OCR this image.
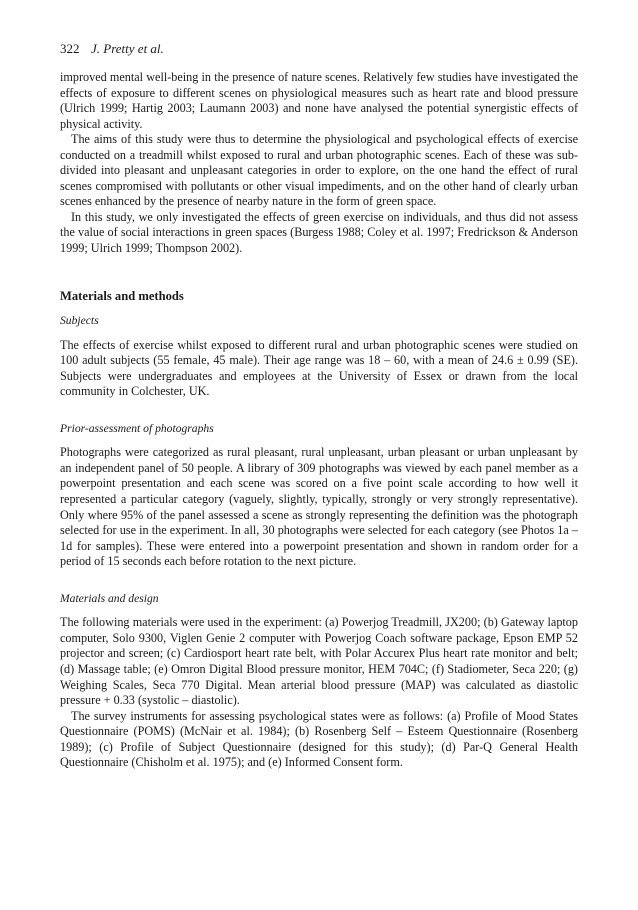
322 J. Pretty et al.

improved mental well-being in the presence of nature scenes. Relatively few studies have investigated the effects of exposure to different scenes on physiological measures such as heart rate and blood pressure (Ulrich 1999; Hartig 2003; Laumann 2003) and none have analysed the potential synergistic effects of physical activity.

The aims of this study were thus to determine the physiological and psychological effects of exercise conducted on a treadmill whilst exposed to rural and urban photographic scenes. Each of these was sub-divided into pleasant and unpleasant categories in order to explore, on the one hand the effect of rural scenes compromised with pollutants or other visual impediments, and on the other hand of clearly urban scenes enhanced by the presence of nearby nature in the form of green space.

In this study, we only investigated the effects of green exercise on individuals, and thus did not assess the value of social interactions in green spaces (Burgess 1988; Coley et al. 1997; Fredrickson & Anderson 1999; Ulrich 1999; Thompson 2002).

Materials and methods
Subjects

The effects of exercise whilst exposed to different rural and urban photographic scenes were studied on 100 adult subjects (55 female, 45 male). Their age range was 18 – 60, with a mean of 24.6 ± 0.99 (SE). Subjects were undergraduates and employees at the University of Essex or drawn from the local community in Colchester, UK.

Prior-assessment of photographs

Photographs were categorized as rural pleasant, rural unpleasant, urban pleasant or urban unpleasant by an independent panel of 50 people. A library of 309 photographs was viewed by each panel member as a powerpoint presentation and each scene was scored on a five point scale according to how well it represented a particular category (vaguely, slightly, typically, strongly or very strongly representative). Only where 95% of the panel assessed a scene as strongly representing the definition was the photograph selected for use in the experiment. In all, 30 photographs were selected for each category (see Photos 1a – 1d for samples). These were entered into a powerpoint presentation and shown in random order for a period of 15 seconds each before rotation to the next picture.

Materials and design

The following materials were used in the experiment: (a) Powerjog Treadmill, JX200; (b) Gateway laptop computer, Solo 9300, Viglen Genie 2 computer with Powerjog Coach software package, Epson EMP 52 projector and screen; (c) Cardiosport heart rate belt, with Polar Accurex Plus heart rate monitor and belt; (d) Massage table; (e) Omron Digital Blood pressure monitor, HEM 704C; (f) Stadiometer, Seca 220; (g) Weighing Scales, Seca 770 Digital. Mean arterial blood pressure (MAP) was calculated as diastolic pressure + 0.33 (systolic – diastolic).

The survey instruments for assessing psychological states were as follows: (a) Profile of Mood States Questionnaire (POMS) (McNair et al. 1984); (b) Rosenberg Self – Esteem Questionnaire (Rosenberg 1989); (c) Profile of Subject Questionnaire (designed for this study); (d) Par-Q General Health Questionnaire (Chisholm et al. 1975); and (e) Informed Consent form.
